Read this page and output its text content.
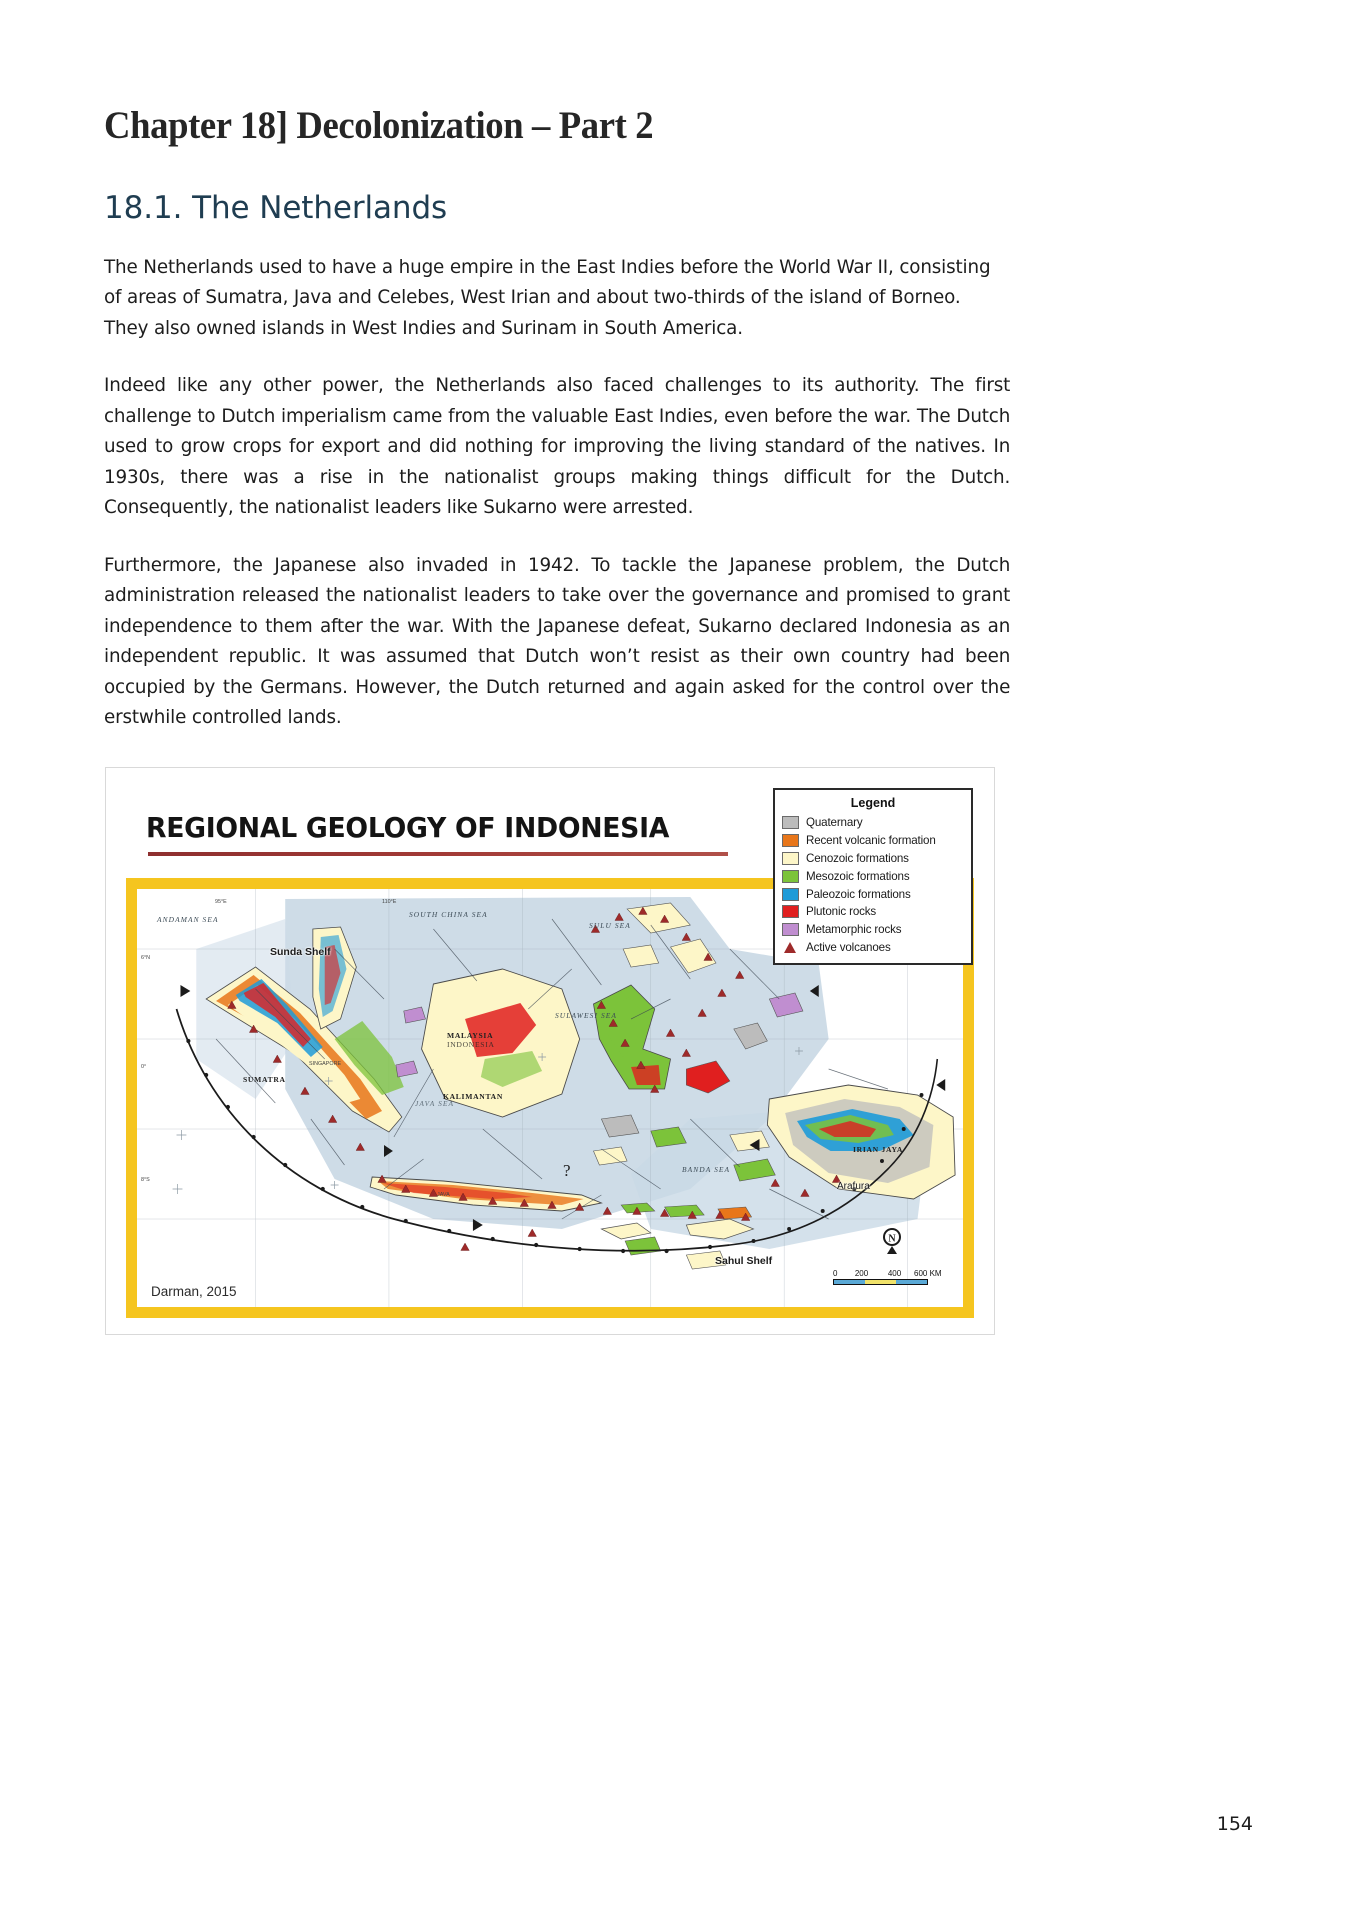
Chapter 18] Decolonization – Part 2
18.1. The Netherlands

The Netherlands used to have a huge empire in the East Indies before the World War II, consisting of areas of Sumatra, Java and Celebes, West Irian and about two-thirds of the island of Borneo. They also owned islands in West Indies and Surinam in South America.

Indeed like any other power, the Netherlands also faced challenges to its authority. The first challenge to Dutch imperialism came from the valuable East Indies, even before the war. The Dutch used to grow crops for export and did nothing for improving the living standard of the natives. In 1930s, there was a rise in the nationalist groups making things difficult for the Dutch. Consequently, the nationalist leaders like Sukarno were arrested.

Furthermore, the Japanese also invaded in 1942. To tackle the Japanese problem, the Dutch administration released the nationalist leaders to take over the governance and promised to grant independence to them after the war. With the Japanese defeat, Sukarno declared Indonesia as an independent republic. It was assumed that Dutch won’t resist as their own country had been occupied by the Germans. However, the Dutch returned and again asked for the control over the erstwhile controlled lands.

REGIONAL GEOLOGY OF INDONESIA
Legend
Quaternary
Recent volcanic formation
Cenozoic formations
Mesozoic formations
Paleozoic formations
Plutonic rocks
Metamorphic rocks
Active volcanoes
Sunda Shelf
Sahul Shelf
Arafura
ANDAMAN SEA
SOUTH CHINA SEA
SULU SEA
SULAWESI SEA
BANDA SEA
JAVA SEA
MALAYSIA
INDONESIA
SUMATRA
KALIMANTAN
SINGAPORE
IRIAN JAYA
JAVA
95°E	110°E
6°N
0°
8°S	?
Darman, 2015
N
0	200	400	600 KM
154
